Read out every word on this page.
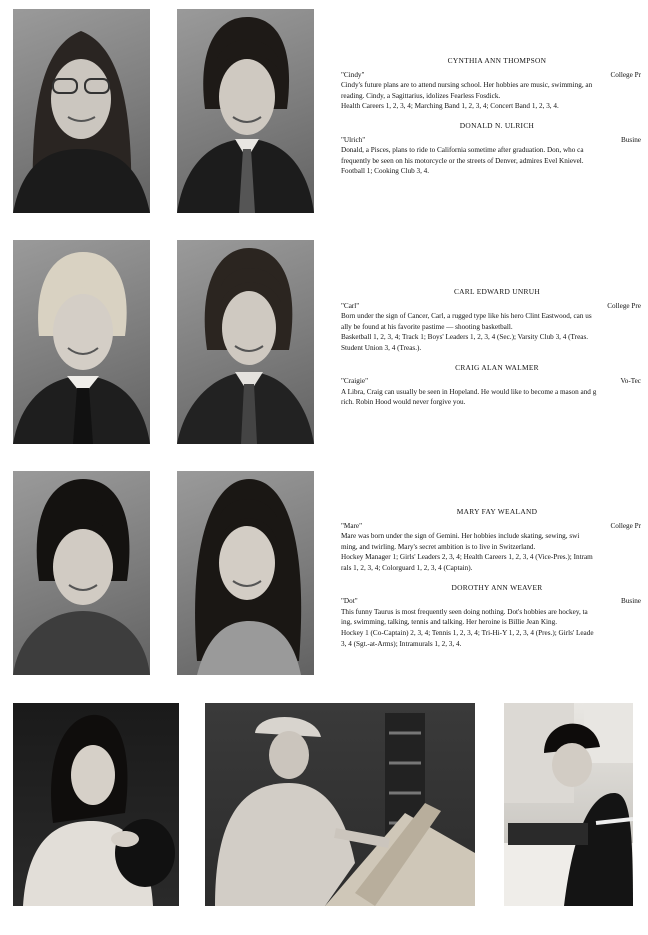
CYNTHIA ANN THOMPSON
"Cindy"	College Pr
Cindy's future plans are to attend nursing school. Her hobbies are music, swimming, an
reading. Cindy, a Sagittarius, idolizes Fearless Fosdick.
Health Careers 1, 2, 3, 4; Marching Band 1, 2, 3, 4; Concert Band 1, 2, 3, 4.
DONALD N. ULRICH
"Ulrich"	Busine
Donald, a Pisces, plans to ride to California sometime after graduation. Don, who ca
frequently be seen on his motorcycle or the streets of Denver, admires Evel Knievel.
Football 1; Cooking Club 3, 4.
CARL EDWARD UNRUH
"Carl"	College Pre
Born under the sign of Cancer, Carl, a rugged type like his hero Clint Eastwood, can us
ally be found at his favorite pastime — shooting basketball.
Basketball 1, 2, 3, 4; Track 1; Boys' Leaders 1, 2, 3, 4 (Sec.); Varsity Club 3, 4 (Treas.
Student Union 3, 4 (Treas.).
CRAIG ALAN WALMER
"Craigie"	Vo-Tec
A Libra, Craig can usually be seen in Hopeland. He would like to become a mason and g
rich. Robin Hood would never forgive you.
MARY FAY WEALAND
"Mare"	College Pr
Mare was born under the sign of Gemini. Her hobbies include skating, sewing, swi
ming, and twirling. Mary's secret ambition is to live in Switzerland.
Hockey Manager 1; Girls' Leaders 2, 3, 4; Health Careers 1, 2, 3, 4 (Vice-Pres.); Intram
rals 1, 2, 3, 4; Colorguard 1, 2, 3, 4 (Captain).
DOROTHY ANN WEAVER
"Dot"	Busine
This funny Taurus is most frequently seen doing nothing. Dot's hobbies are hockey, ta
ing, swimming, talking, tennis and talking. Her heroine is Billie Jean King.
Hockey 1 (Co-Captain) 2, 3, 4; Tennis 1, 2, 3, 4; Tri-Hi-Y 1, 2, 3, 4 (Pres.); Girls' Leade
3, 4 (Sgt.-at-Arms); Intramurals 1, 2, 3, 4.
